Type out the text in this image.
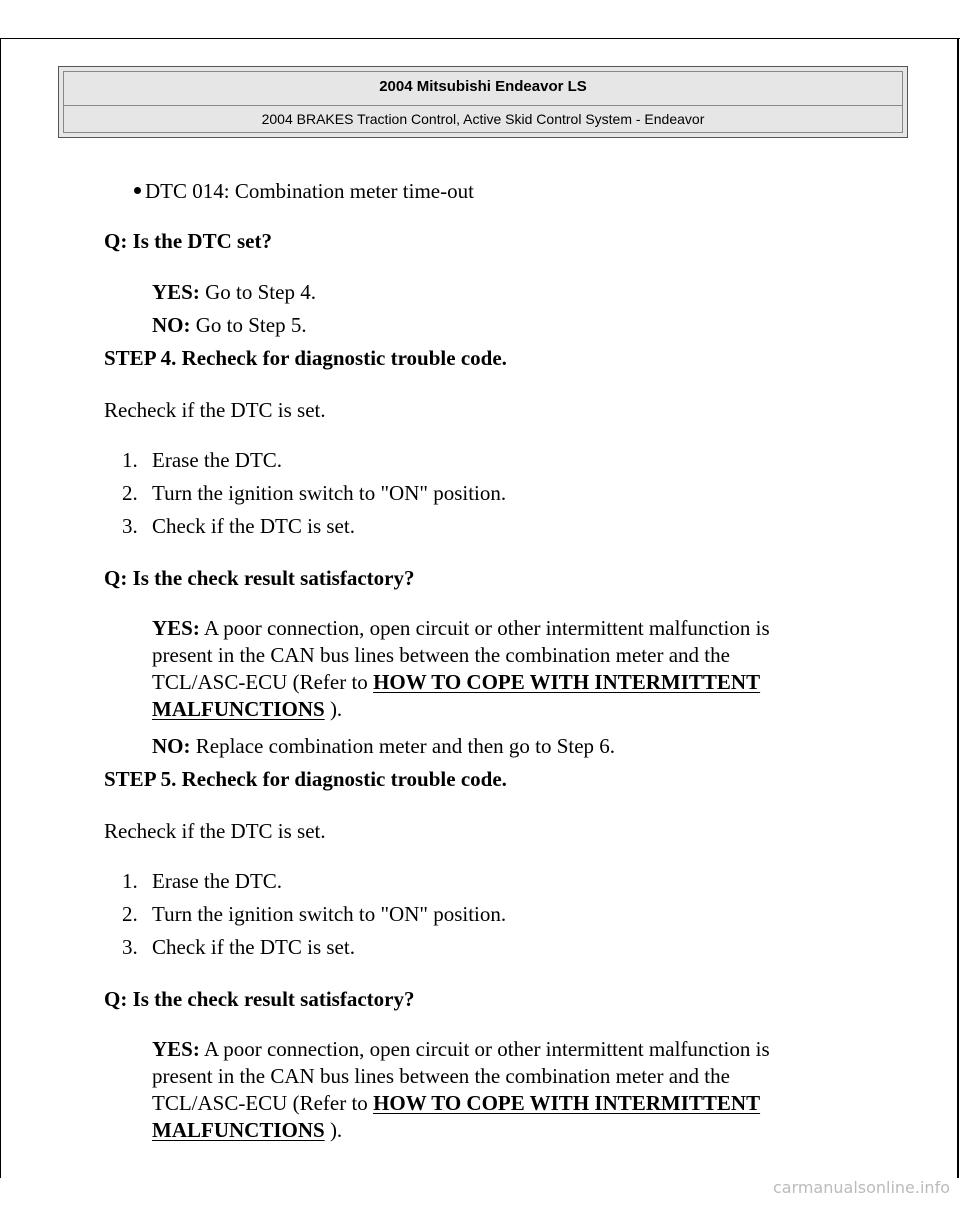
2004 Mitsubishi Endeavor LS
2004 BRAKES Traction Control, Active Skid Control System - Endeavor
DTC 014: Combination meter time-out
Q: Is the DTC set?
YES: Go to Step 4.
NO: Go to Step 5.
STEP 4. Recheck for diagnostic trouble code.
Recheck if the DTC is set.
1. Erase the DTC.
2. Turn the ignition switch to "ON" position.
3. Check if the DTC is set.
Q: Is the check result satisfactory?
YES: A poor connection, open circuit or other intermittent malfunction is
present in the CAN bus lines between the combination meter and the
TCL/ASC-ECU (Refer to HOW TO COPE WITH INTERMITTENT
MALFUNCTIONS ).
NO: Replace combination meter and then go to Step 6.
STEP 5. Recheck for diagnostic trouble code.
Recheck if the DTC is set.
1. Erase the DTC.
2. Turn the ignition switch to "ON" position.
3. Check if the DTC is set.
Q: Is the check result satisfactory?
YES: A poor connection, open circuit or other intermittent malfunction is
present in the CAN bus lines between the combination meter and the
TCL/ASC-ECU (Refer to HOW TO COPE WITH INTERMITTENT
MALFUNCTIONS ).
carmanualsonline.info
